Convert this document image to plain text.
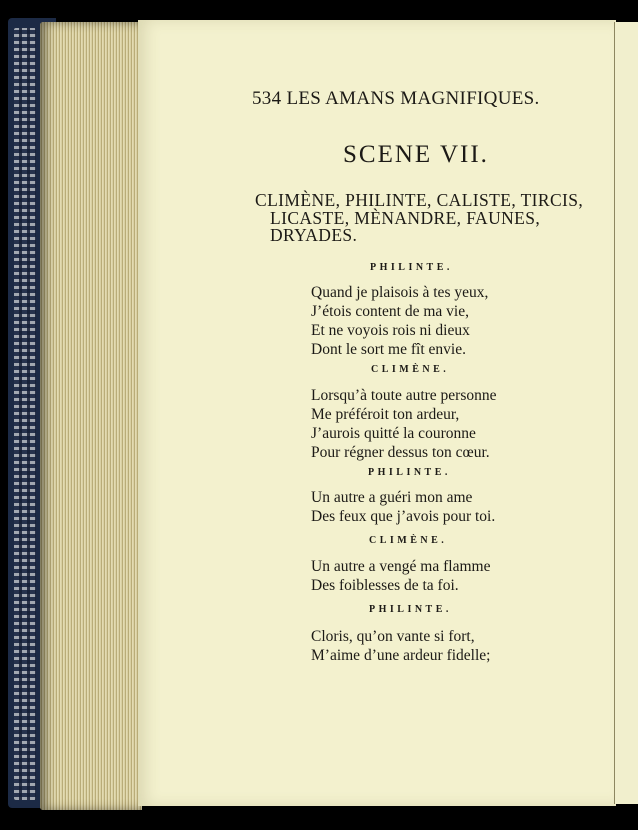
534 LES AMANS MAGNIFIQUES.
SCENE VII.
CLIMÈNE, PHILINTE, CALISTE, TIRCIS,
LICASTE, MÈNANDRE, FAUNES,
DRYADES.
PHILINTE.
Quand je plaisois à tes yeux,
J’étois content de ma vie,
Et ne voyois rois ni dieux
Dont le sort me fît envie.
CLIMÈNE.
Lorsqu’à toute autre personne
Me préféroit ton ardeur,
J’aurois quitté la couronne
Pour régner dessus ton cœur.
PHILINTE.
Un autre a guéri mon ame
Des feux que j’avois pour toi.
CLIMÈNE.
Un autre a vengé ma flamme
Des foiblesses de ta foi.
PHILINTE.
Cloris, qu’on vante si fort,
M’aime d’une ardeur fidelle;
